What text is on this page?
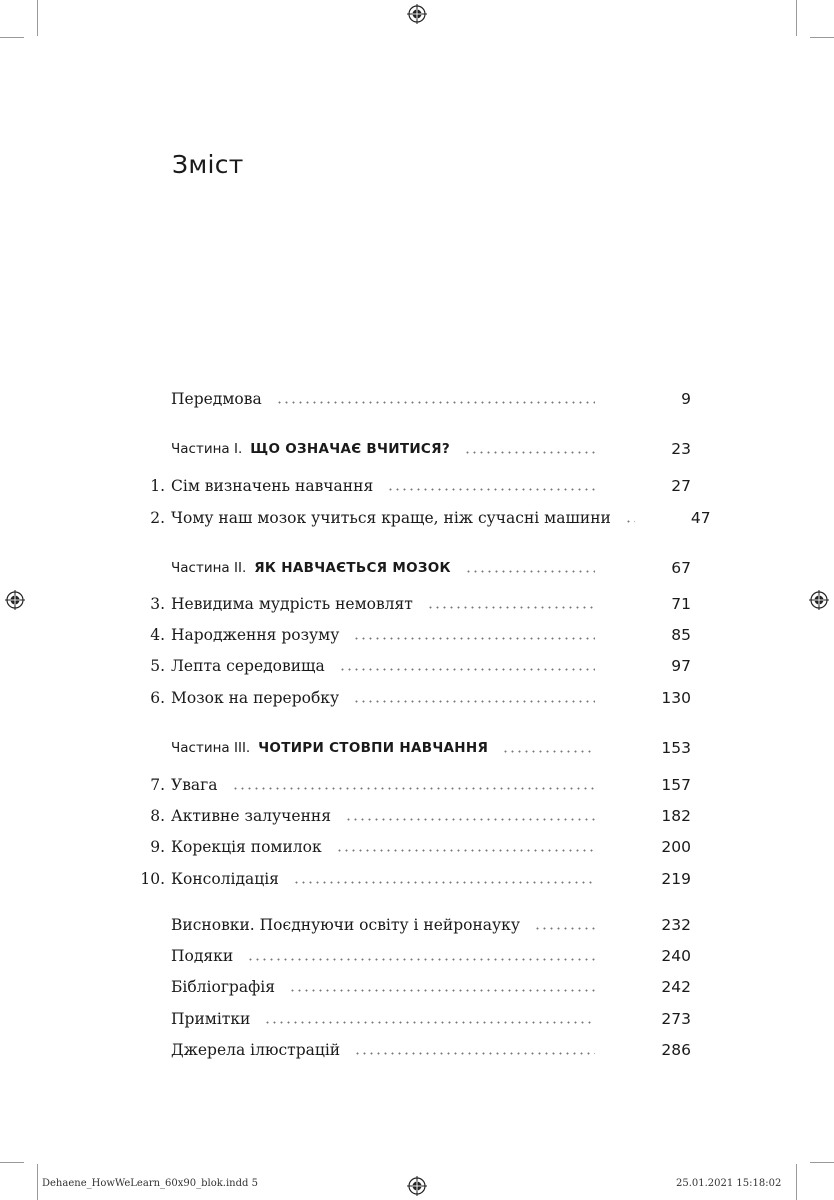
Зміст
Передмова	9
Частина I. ЩО ОЗНАЧАЄ ВЧИТИСЯ?	23
1. Сім визначень навчання	27
2. Чому наш мозок учиться краще, ніж сучасні машини	47
Частина II. ЯК НАВЧАЄТЬСЯ МОЗОК	67
3. Невидима мудрість немовлят	71
4. Народження розуму	85
5. Лепта середовища	97
6. Мозок на переробку	130
Частина III. ЧОТИРИ СТОВПИ НАВЧАННЯ	153
7. Увага	157
8. Активне залучення	182
9. Корекція помилок	200
10. Консолідація	219
Висновки. Поєднуючи освіту і нейронауку	232
Подяки	240
Бібліографія	242
Примітки	273
Джерела ілюстрацій	286
Dehaene_HowWeLearn_60x90_blok.indd 5	25.01.2021 15:18:02
